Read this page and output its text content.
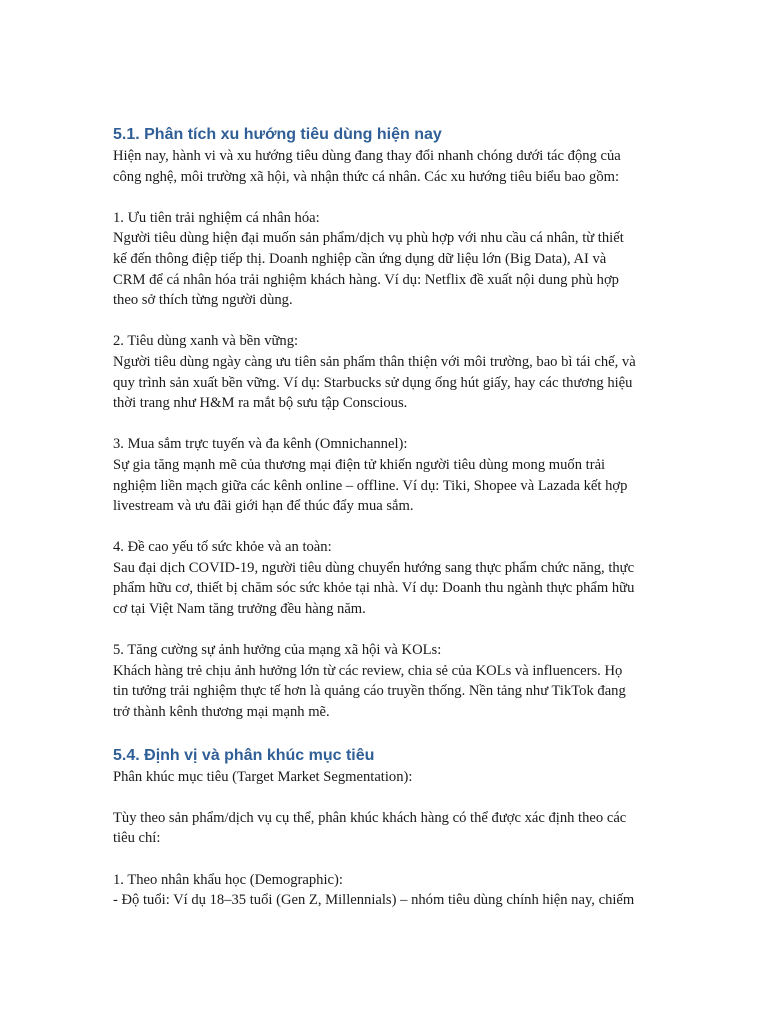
5.1. Phân tích xu hướng tiêu dùng hiện nay
Hiện nay, hành vi và xu hướng tiêu dùng đang thay đổi nhanh chóng dưới tác động của
công nghệ, môi trường xã hội, và nhận thức cá nhân. Các xu hướng tiêu biểu bao gồm:
1. Ưu tiên trải nghiệm cá nhân hóa:
Người tiêu dùng hiện đại muốn sản phẩm/dịch vụ phù hợp với nhu cầu cá nhân, từ thiết
kế đến thông điệp tiếp thị. Doanh nghiệp cần ứng dụng dữ liệu lớn (Big Data), AI và
CRM để cá nhân hóa trải nghiệm khách hàng. Ví dụ: Netflix đề xuất nội dung phù hợp
theo sở thích từng người dùng.
2. Tiêu dùng xanh và bền vững:
Người tiêu dùng ngày càng ưu tiên sản phẩm thân thiện với môi trường, bao bì tái chế, và
quy trình sản xuất bền vững. Ví dụ: Starbucks sử dụng ống hút giấy, hay các thương hiệu
thời trang như H&M ra mắt bộ sưu tập Conscious.
3. Mua sắm trực tuyến và đa kênh (Omnichannel):
Sự gia tăng mạnh mẽ của thương mại điện tử khiến người tiêu dùng mong muốn trải
nghiệm liền mạch giữa các kênh online – offline. Ví dụ: Tiki, Shopee và Lazada kết hợp
livestream và ưu đãi giới hạn để thúc đẩy mua sắm.
4. Đề cao yếu tố sức khỏe và an toàn:
Sau đại dịch COVID-19, người tiêu dùng chuyển hướng sang thực phẩm chức năng, thực
phẩm hữu cơ, thiết bị chăm sóc sức khỏe tại nhà. Ví dụ: Doanh thu ngành thực phẩm hữu
cơ tại Việt Nam tăng trưởng đều hàng năm.
5. Tăng cường sự ảnh hưởng của mạng xã hội và KOLs:
Khách hàng trẻ chịu ảnh hưởng lớn từ các review, chia sẻ của KOLs và influencers. Họ
tin tưởng trải nghiệm thực tế hơn là quảng cáo truyền thống. Nền tảng như TikTok đang
trở thành kênh thương mại mạnh mẽ.
5.4. Định vị và phân khúc mục tiêu
Phân khúc mục tiêu (Target Market Segmentation):
Tùy theo sản phẩm/dịch vụ cụ thể, phân khúc khách hàng có thể được xác định theo các
tiêu chí:
1. Theo nhân khẩu học (Demographic):
- Độ tuổi: Ví dụ 18–35 tuổi (Gen Z, Millennials) – nhóm tiêu dùng chính hiện nay, chiếm
